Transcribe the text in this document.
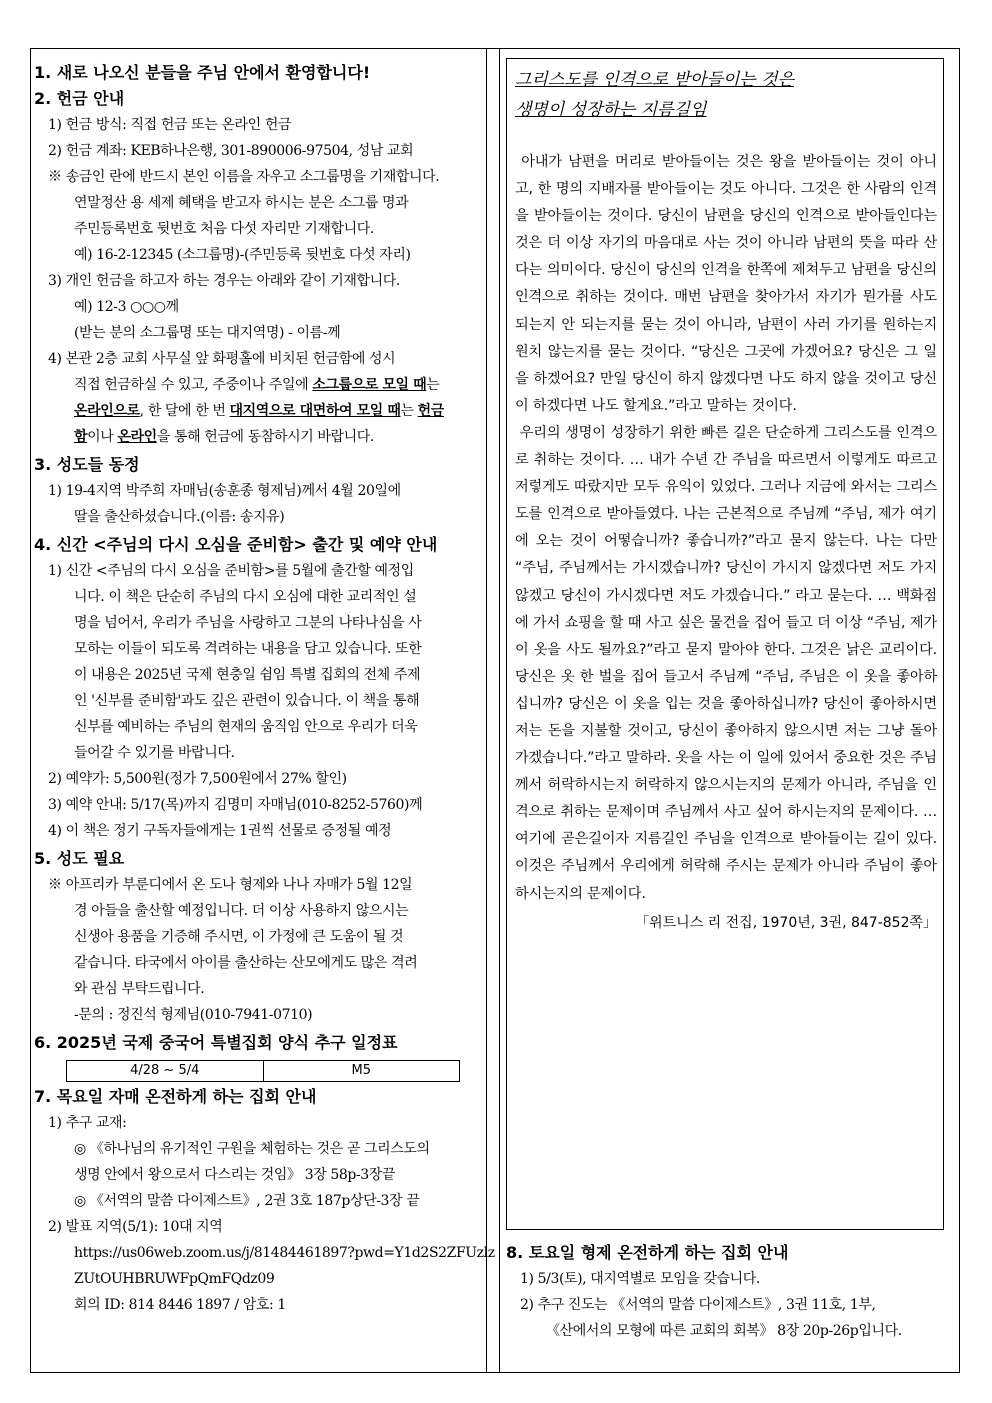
1. 새로 나오신 분들을 주님 안에서 환영합니다!
2. 헌금 안내
1) 헌금 방식: 직접 헌금 또는 온라인 헌금
2) 헌금 계좌: KEB하나은행, 301-890006-97504, 성남 교회
※ 송금인 란에 반드시 본인 이름을 자우고 소그룹명을 기재합니다.
연말정산 용 세제 혜택을 받고자 하시는 분은 소그룹 명과
주민등록번호 뒷번호 처음 다섯 자리만 기재합니다.
예) 16-2-12345 (소그룹명)-(주민등록 뒷번호 다섯 자리)
3) 개인 헌금을 하고자 하는 경우는 아래와 같이 기재합니다.
예) 12-3 ○○○께
(받는 분의 소그룹명 또는 대지역명) - 이름-께
4) 본관 2층 교회 사무실 앞 화평홀에 비치된 헌금함에 성시
직접 헌금하실 수 있고, 주중이나 주일에 소그룹으로 모일 때는
온라인으로, 한 달에 한 번 대지역으로 대면하여 모일 때는 헌금
함이나 온라인을 통해 헌금에 동참하시기 바랍니다.
3. 성도들 동정
1) 19-4지역 박주희 자매님(송훈종 형제님)께서 4월 20일에
딸을 출산하셨습니다.(이름: 송지유)
4. 신간 <주님의 다시 오심을 준비함> 출간 및 예약 안내
1) 신간 <주님의 다시 오심을 준비함>를 5월에 출간할 예정입
니다. 이 책은 단순히 주님의 다시 오심에 대한 교리적인 설
명을 넘어서, 우리가 주님을 사랑하고 그분의 나타나심을 사
모하는 이들이 되도록 격려하는 내용을 담고 있습니다. 또한
이 내용은 2025년 국제 현충일 쉼임 특별 집회의 전체 주제
인 '신부를 준비함'과도 깊은 관련이 있습니다. 이 책을 통해
신부를 예비하는 주님의 현재의 움직임 안으로 우리가 더욱
들어갈 수 있기를 바랍니다.
2) 예약가: 5,500원(정가 7,500원에서 27% 할인)
3) 예약 안내: 5/17(목)까지 김명미 자매님(010-8252-5760)께
4) 이 책은 정기 구독자들에게는 1권씩 선물로 증정될 예정
5. 성도 필요
※ 아프리카 부룬디에서 온 도나 형제와 나나 자매가 5월 12일
경 아들을 출산할 예정입니다. 더 이상 사용하지 않으시는
신생아 용품을 기증해 주시면, 이 가정에 큰 도움이 될 것
같습니다. 타국에서 아이를 출산하는 산모에게도 많은 격려
와 관심 부탁드립니다.
-문의 : 정진석 형제님(010-7941-0710)
6. 2025년 국제 중국어 특별집회 양식 추구 일정표
4/28 ~ 5/4	M5
7. 목요일 자매 온전하게 하는 집회 안내
1) 추구 교재:
◎ 《하나님의 유기적인 구원을 체험하는 것은 곧 그리스도의
생명 안에서 왕으로서 다스리는 것임》 3장 58p-3장끝
◎ 《서역의 말씀 다이제스트》, 2권 3호 187p상단-3장 끝
2) 발표 지역(5/1): 10대 지역
https://us06web.zoom.us/j/81484461897?pwd=Y1d2S2ZFUzlz
ZUtOUHBRUWFpQmFQdz09
회의 ID: 814 8446 1897 / 암호: 1
그리스도를 인격으로 받아들이는 것은
생명이 성장하는 지름길임
아내가 남편을 머리로 받아들이는 것은 왕을 받아들이는 것이 아니고, 한 명의 지배자를 받아들이는 것도 아니다. 그것은 한 사람의 인격을 받아들이는 것이다. 당신이 남편을 당신의 인격으로 받아들인다는 것은 더 이상 자기의 마음대로 사는 것이 아니라 남편의 뜻을 따라 산다는 의미이다. 당신이 당신의 인격을 한쪽에 제쳐두고 남편을 당신의 인격으로 취하는 것이다. 매번 남편을 찾아가서 자기가 뭔가를 사도 되는지 안 되는지를 묻는 것이 아니라, 남편이 사러 가기를 원하는지 원치 않는지를 묻는 것이다. “당신은 그곳에 가겠어요? 당신은 그 일을 하겠어요? 만일 당신이 하지 않겠다면 나도 하지 않을 것이고 당신이 하겠다면 나도 할게요.”라고 말하는 것이다.
우리의 생명이 성장하기 위한 빠른 길은 단순하게 그리스도를 인격으로 취하는 것이다. … 내가 수년 간 주님을 따르면서 이렇게도 따르고 저렇게도 따랐지만 모두 유익이 있었다. 그러나 지금에 와서는 그리스도를 인격으로 받아들였다. 나는 근본적으로 주님께 “주님, 제가 여기에 오는 것이 어떻습니까? 좋습니까?”라고 묻지 않는다. 나는 다만 “주님, 주님께서는 가시겠습니까? 당신이 가시지 않겠다면 저도 가지 않겠고 당신이 가시겠다면 저도 가겠습니다.” 라고 묻는다. … 백화점에 가서 쇼핑을 할 때 사고 싶은 물건을 집어 들고 더 이상 “주님, 제가 이 옷을 사도 될까요?”라고 묻지 말아야 한다. 그것은 낡은 교리이다. 당신은 옷 한 벌을 집어 들고서 주님께 “주님, 주님은 이 옷을 좋아하십니까? 당신은 이 옷을 입는 것을 좋아하십니까? 당신이 좋아하시면 저는 돈을 지불할 것이고, 당신이 좋아하지 않으시면 저는 그냥 돌아가겠습니다.”라고 말하라. 옷을 사는 이 일에 있어서 중요한 것은 주님께서 허락하시는지 허락하지 않으시는지의 문제가 아니라, 주님을 인격으로 취하는 문제이며 주님께서 사고 싶어 하시는지의 문제이다. … 여기에 곧은길이자 지름길인 주님을 인격으로 받아들이는 길이 있다. 이것은 주님께서 우리에게 허락해 주시는 문제가 아니라 주님이 좋아 하시는지의 문제이다.
「위트니스 리 전집, 1970년, 3권, 847-852쪽」
8. 토요일 형제 온전하게 하는 집회 안내
1) 5/3(토), 대지역별로 모임을 갖습니다.
2) 추구 진도는 《서역의 말씀 다이제스트》, 3권 11호, 1부,
《산에서의 모형에 따른 교회의 회복》 8장 20p-26p입니다.
